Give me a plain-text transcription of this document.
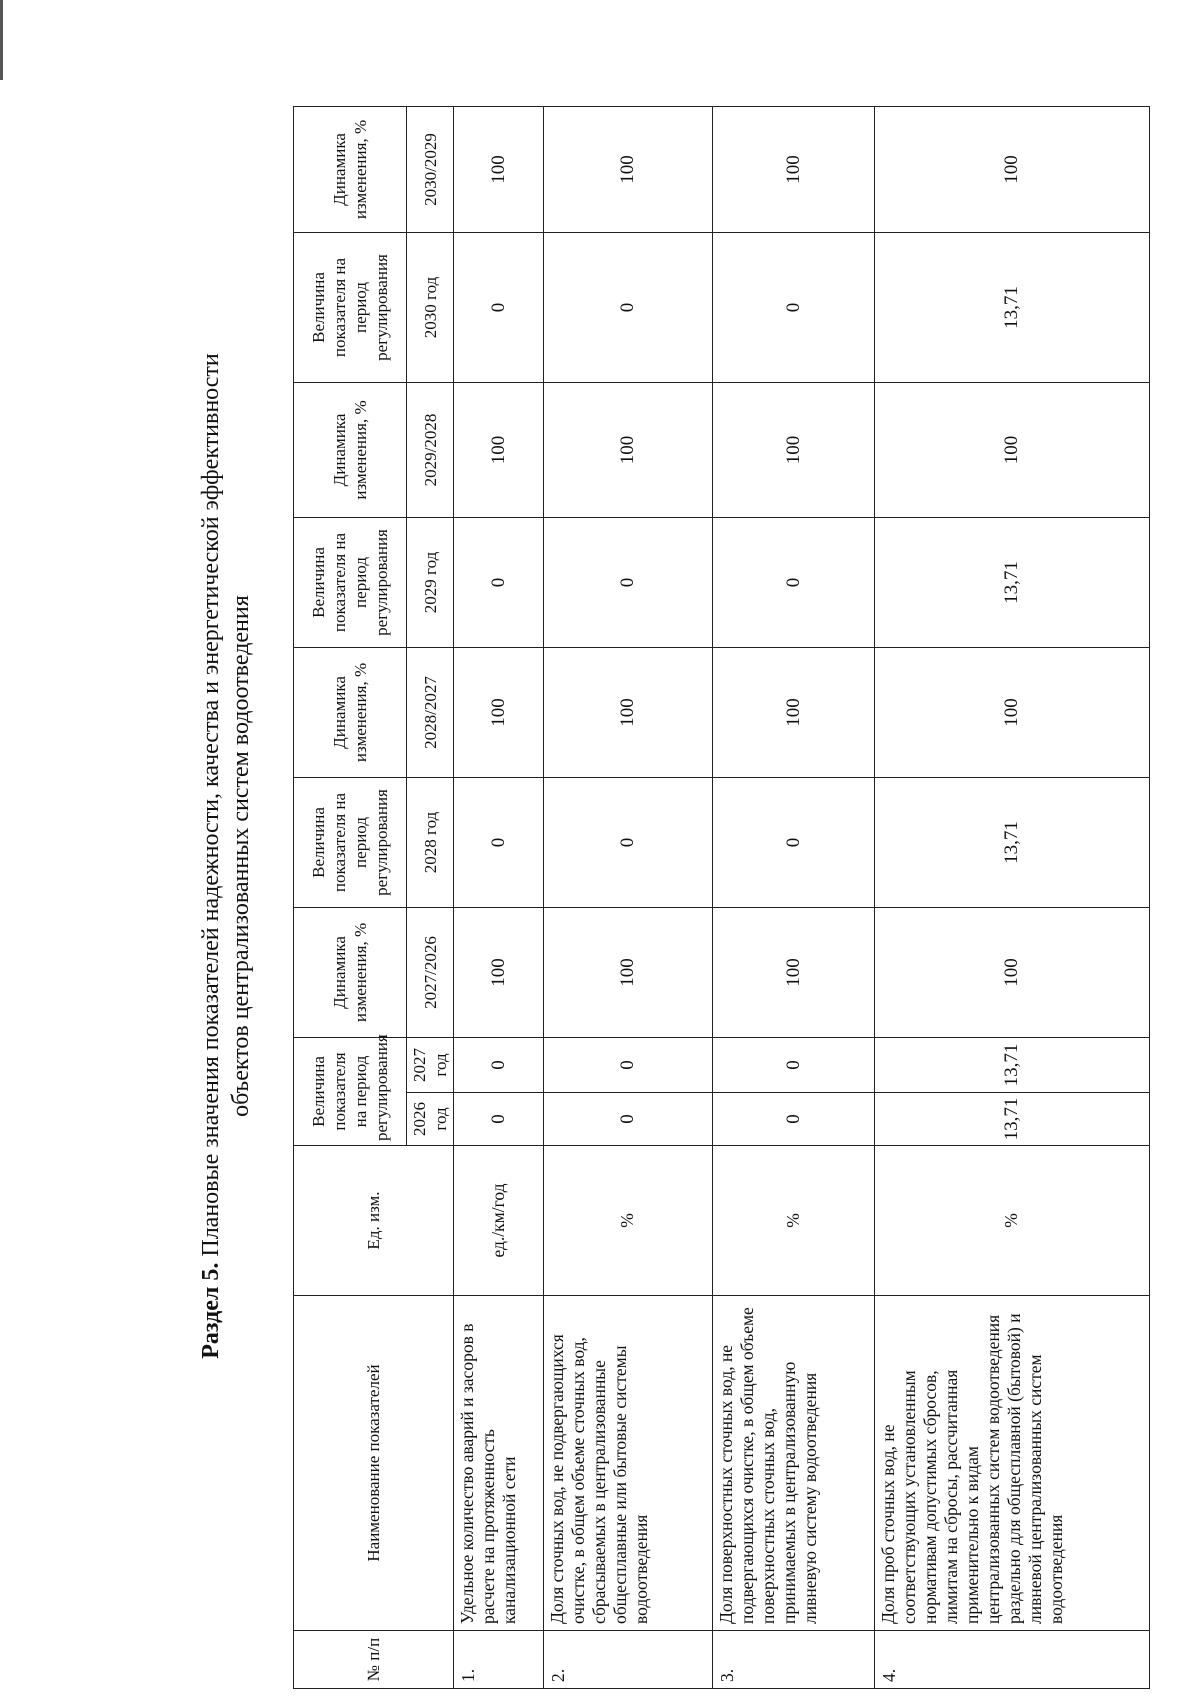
Раздел 5. Плановые значения показателей надежности, качества и энергетической эффективности объектов централизованных систем водоотведения
№ п/п	Наименование показателей	Ед. изм.	Величина показателя на период регулирования		Динамика изменения, %	Величина показателя на период регулирования	Динамика изменения, %	Величина показателя на период регулирования	Динамика изменения, %	Величина показателя на период регулирования	Динамика изменения, %
			2026 год	2027 год	2027/2026	2028 год	2028/2027	2029 год	2029/2028	2030 год	2030/2029
1.	Удельное количество аварий и засоров в расчете на протяженность канализационной сети	ед./км/год	0	0	100	0	100	0	100	0	100
2.	Доля сточных вод, не подвергающихся очистке, в общем объеме сточных вод, сбрасываемых в централизованные общесплавные или бытовые системы водоотведения	%	0	0	100	0	100	0	100	0	100
3.	Доля поверхностных сточных вод, не подвергающихся очистке, в общем объеме поверхностных сточных вод, принимаемых в централизованную ливневую систему водоотведения	%	0	0	100	0	100	0	100	0	100
4.	Доля проб сточных вод, не соответствующих установленным нормативам допустимых сбросов, лимитам на сбросы, рассчитанная применительно к видам централизованных систем водоотведения раздельно для общесплавной (бытовой) и ливневой централизованных систем водоотведения	%	13,71	13,71	100	13,71	100	13,71	100	13,71	100
